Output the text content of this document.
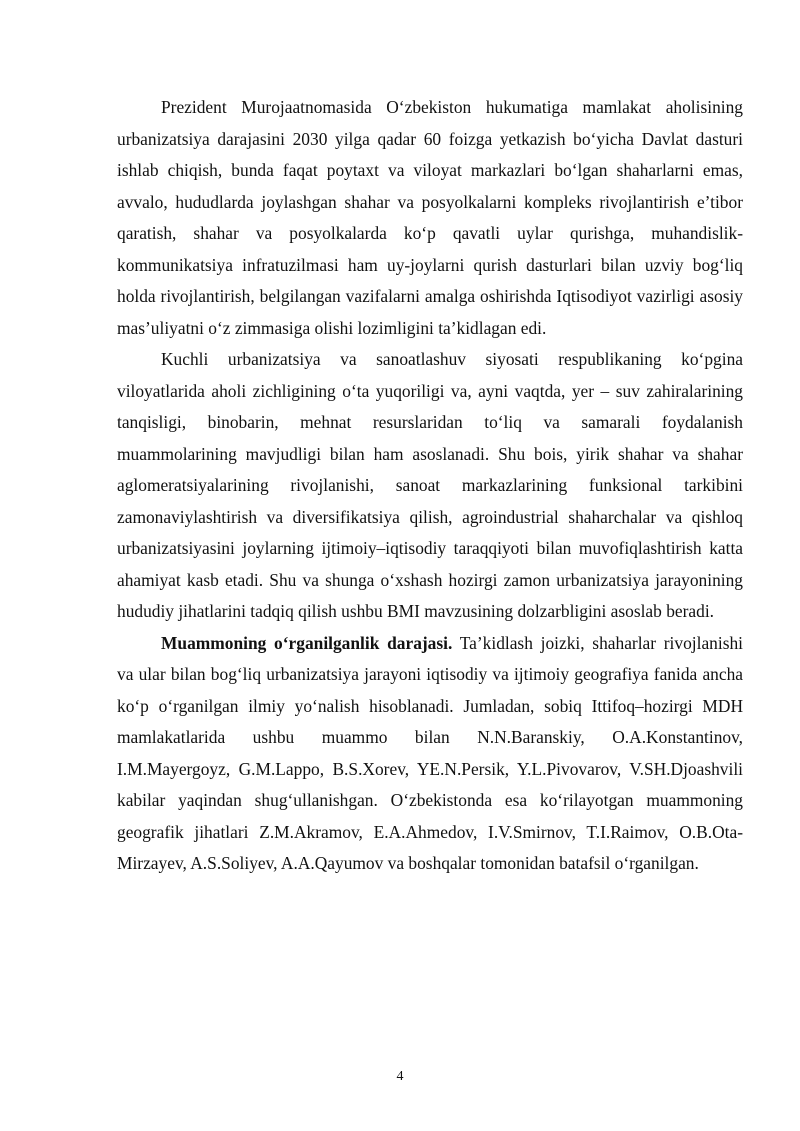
Prezident Murojaatnomasida O‘zbekiston hukumatiga mamlakat aholisining urbanizatsiya darajasini 2030 yilga qadar 60 foizga yetkazish bo‘yicha Davlat dasturi ishlab chiqish, bunda faqat poytaxt va viloyat markazlari bo‘lgan shaharlarni emas, avvalo, hududlarda joylashgan shahar va posyolkalarni kompleks rivojlantirish e’tibor qaratish, shahar va posyolkalarda ko‘p qavatli uylar qurishga, muhandislik-kommunikatsiya infratuzilmasi ham uy-joylarni qurish dasturlari bilan uzviy bog‘liq holda rivojlantirish, belgilangan vazifalarni amalga oshirishda Iqtisodiyot vazirligi asosiy mas’uliyatni o‘z zimmasiga olishi lozimligini ta’kidlagan edi.

Kuchli urbanizatsiya va sanoatlashuv siyosati respublikaning ko‘pgina viloyatlarida aholi zichligining o‘ta yuqoriligi va, ayni vaqtda, yer – suv zahiralarining tanqisligi, binobarin, mehnat resurslaridan to‘liq va samarali foydalanish muammolarining mavjudligi bilan ham asoslanadi. Shu bois, yirik shahar va shahar aglomeratsiyalarining rivojlanishi, sanoat markazlarining funksional tarkibini zamonaviylashtirish va diversifikatsiya qilish, agroindustrial shaharchalar va qishloq urbanizatsiyasini joylarning ijtimoiy–iqtisodiy taraqqiyoti bilan muvofiqlashtirish katta ahamiyat kasb etadi. Shu va shunga o‘xshash hozirgi zamon urbanizatsiya jarayonining hududiy jihatlarini tadqiq qilish ushbu BMI mavzusining dolzarbligini asoslab beradi.

Muammoning o‘rganilganlik darajasi. Ta’kidlash joizki, shaharlar rivojlanishi va ular bilan bog‘liq urbanizatsiya jarayoni iqtisodiy va ijtimoiy geografiya fanida ancha ko‘p o‘rganilgan ilmiy yo‘nalish hisoblanadi. Jumladan, sobiq Ittifoq–hozirgi MDH mamlakatlarida ushbu muammo bilan N.N.Baranskiy, O.A.Konstantinov, I.M.Mayergoyz, G.M.Lappo, B.S.Xorev, YE.N.Persik, Y.L.Pivovarov, V.SH.Djoashvili kabilar yaqindan shug‘ullanishgan. O‘zbekistonda esa ko‘rilayotgan muammoning geografik jihatlari Z.M.Akramov, E.A.Ahmedov, I.V.Smirnov, T.I.Raimov, O.B.Ota-Mirzayev, A.S.Soliyev, A.A.Qayumov va boshqalar tomonidan batafsil o‘rganilgan.

4
